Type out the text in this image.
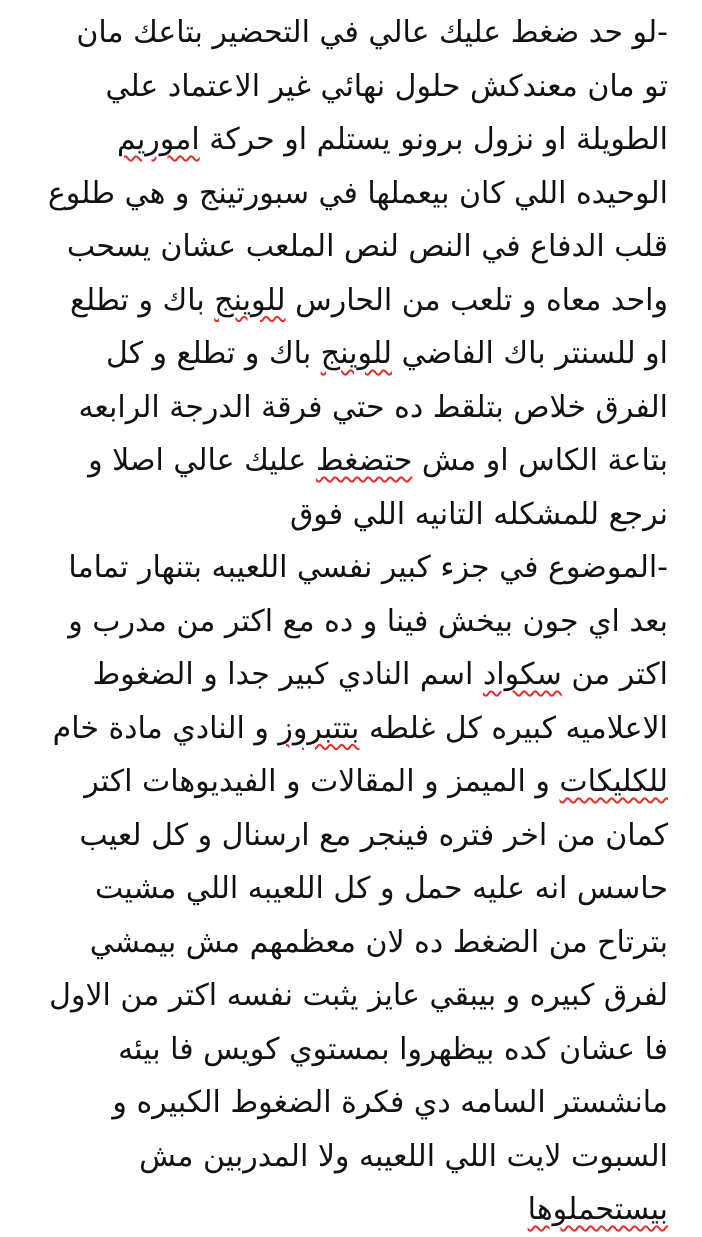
-لو حد ضغط عليك عالي في التحضير بتاعك مان
تو مان معندكش حلول نهائي غير الاعتماد علي
الطويلة او نزول برونو يستلم او حركة اموريم
الوحيده اللي كان بيعملها في سبورتينج و هي طلوع
قلب الدفاع في النص لنص الملعب عشان يسحب
واحد معاه و تلعب من الحارس للوينج باك و تطلع
او للسنتر باك الفاضي للوينج باك و تطلع و كل
الفرق خلاص بتلقط ده حتي فرقة الدرجة الرابعه
بتاعة الكاس او مش حتضغط عليك عالي اصلا و
نرجع للمشكله التانيه اللي فوق
-الموضوع في جزء كبير نفسي اللعيبه بتنهار تماما
بعد اي جون بيخش فينا و ده مع اكتر من مدرب و
اكتر من سكواد اسم النادي كبير جدا و الضغوط
الاعلاميه كبيره كل غلطه بتتبروز و النادي مادة خام
للكليكات و الميمز و المقالات و الفيديوهات اكتر
كمان من اخر فتره فينجر مع ارسنال و كل لعيب
حاسس انه عليه حمل و كل اللعيبه اللي مشيت
بترتاح من الضغط ده لان معظمهم مش بيمشي
لفرق كبيره و بيبقي عايز يثبت نفسه اكتر من الاول
فا عشان كده بيظهروا بمستوي كويس فا بيئه
مانشستر السامه دي فكرة الضغوط الكبيره و
السبوت لايت اللي اللعيبه ولا المدربين مش
بيستحملوها
